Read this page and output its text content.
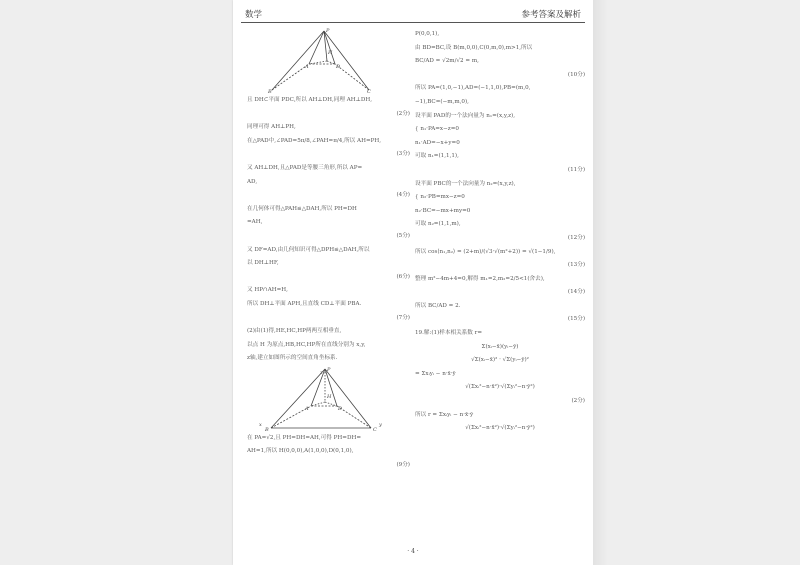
数学	参考答案及解析
P
H
A	D
B	C
且 DH⊂平面 PDC,所以 AH⊥DH,同理 AH⊥DH,
(2分)
同理可得 AH⊥PH,
在△PAD中,∠PAD=5π/8,∠PAH=π/4,所以 AH=PH,
(3分)
又 AH⊥DH,且△PAD是等腰三角形,所以 AP=
AD,
(4分)
在几何体可得△PAH≌△DAH,所以 PH=DH
=AH,
(5分)
又 DF=AD,由几何知识可得△DPH≌△DAH,所以
以 DH⊥HF,
(6分)
又 HP∩AH=H,
所以 DH⊥平面 APH,且直线 CD⊥平面 PBA.
(7分)
(2)由(1)得,HE,HC,HP两两互相垂直,
以点 H 为原点,HB,HC,HP所在直线分别为 x,y,
z轴,建立如图所示的空间直角坐标系.
P
H
A	D
B	C
x	y
z
在 PA=√2,且 PH=DH=AH,可得 PH=DH=
AH=1,所以 H(0,0,0),A(1,0,0),D(0,1,0),
(9分)
P(0,0,1),
由 BD=BC,设 B(m,0,0),C(0,m,0),m>1,所以
BC/AD = √2m/√2 = m,
(10分)
所以 PA=(1,0,−1),AD=(−1,1,0),PB=(m,0,
−1),BC=(−m,m,0),
设平面 PAD的一个法向量为 n₁=(x,y,z),
{ n₁·PA=x−z=0
n₁·AD=−x+y=0
可取 n₁=(1,1,1),
(11分)
设平面 PBC的一个法向量为 n₂=(x,y,z),
{ n₂·PB=mx−z=0
n₂·BC=−mx+my=0
可取 n₂=(1,1,m),
(12分)
所以 cos⟨n₁,n₂⟩ = (2+m)/(√3·√(m²+2)) = √(1−1/9),
(13分)
整理 m²−4m+4=0,解得 m₁=2,m₂=2/5<1(舍去),
(14分)
所以 BC/AD = 2.
(15分)
19.解:(1)样本相关系数 r=
Σ(xᵢ−x̄)(yᵢ−ȳ)
√Σ(xᵢ−x̄)² · √Σ(yᵢ−ȳ)²
= Σxᵢyᵢ − n·x̄·ȳ
√(Σxᵢ²−n·x̄²)·√(Σyᵢ²−n·ȳ²)
(2分)
所以 r = Σxᵢyᵢ − n·x̄·ȳ
√(Σxᵢ²−n·x̄²)·√(Σyᵢ²−n·ȳ²)
· 4 ·
